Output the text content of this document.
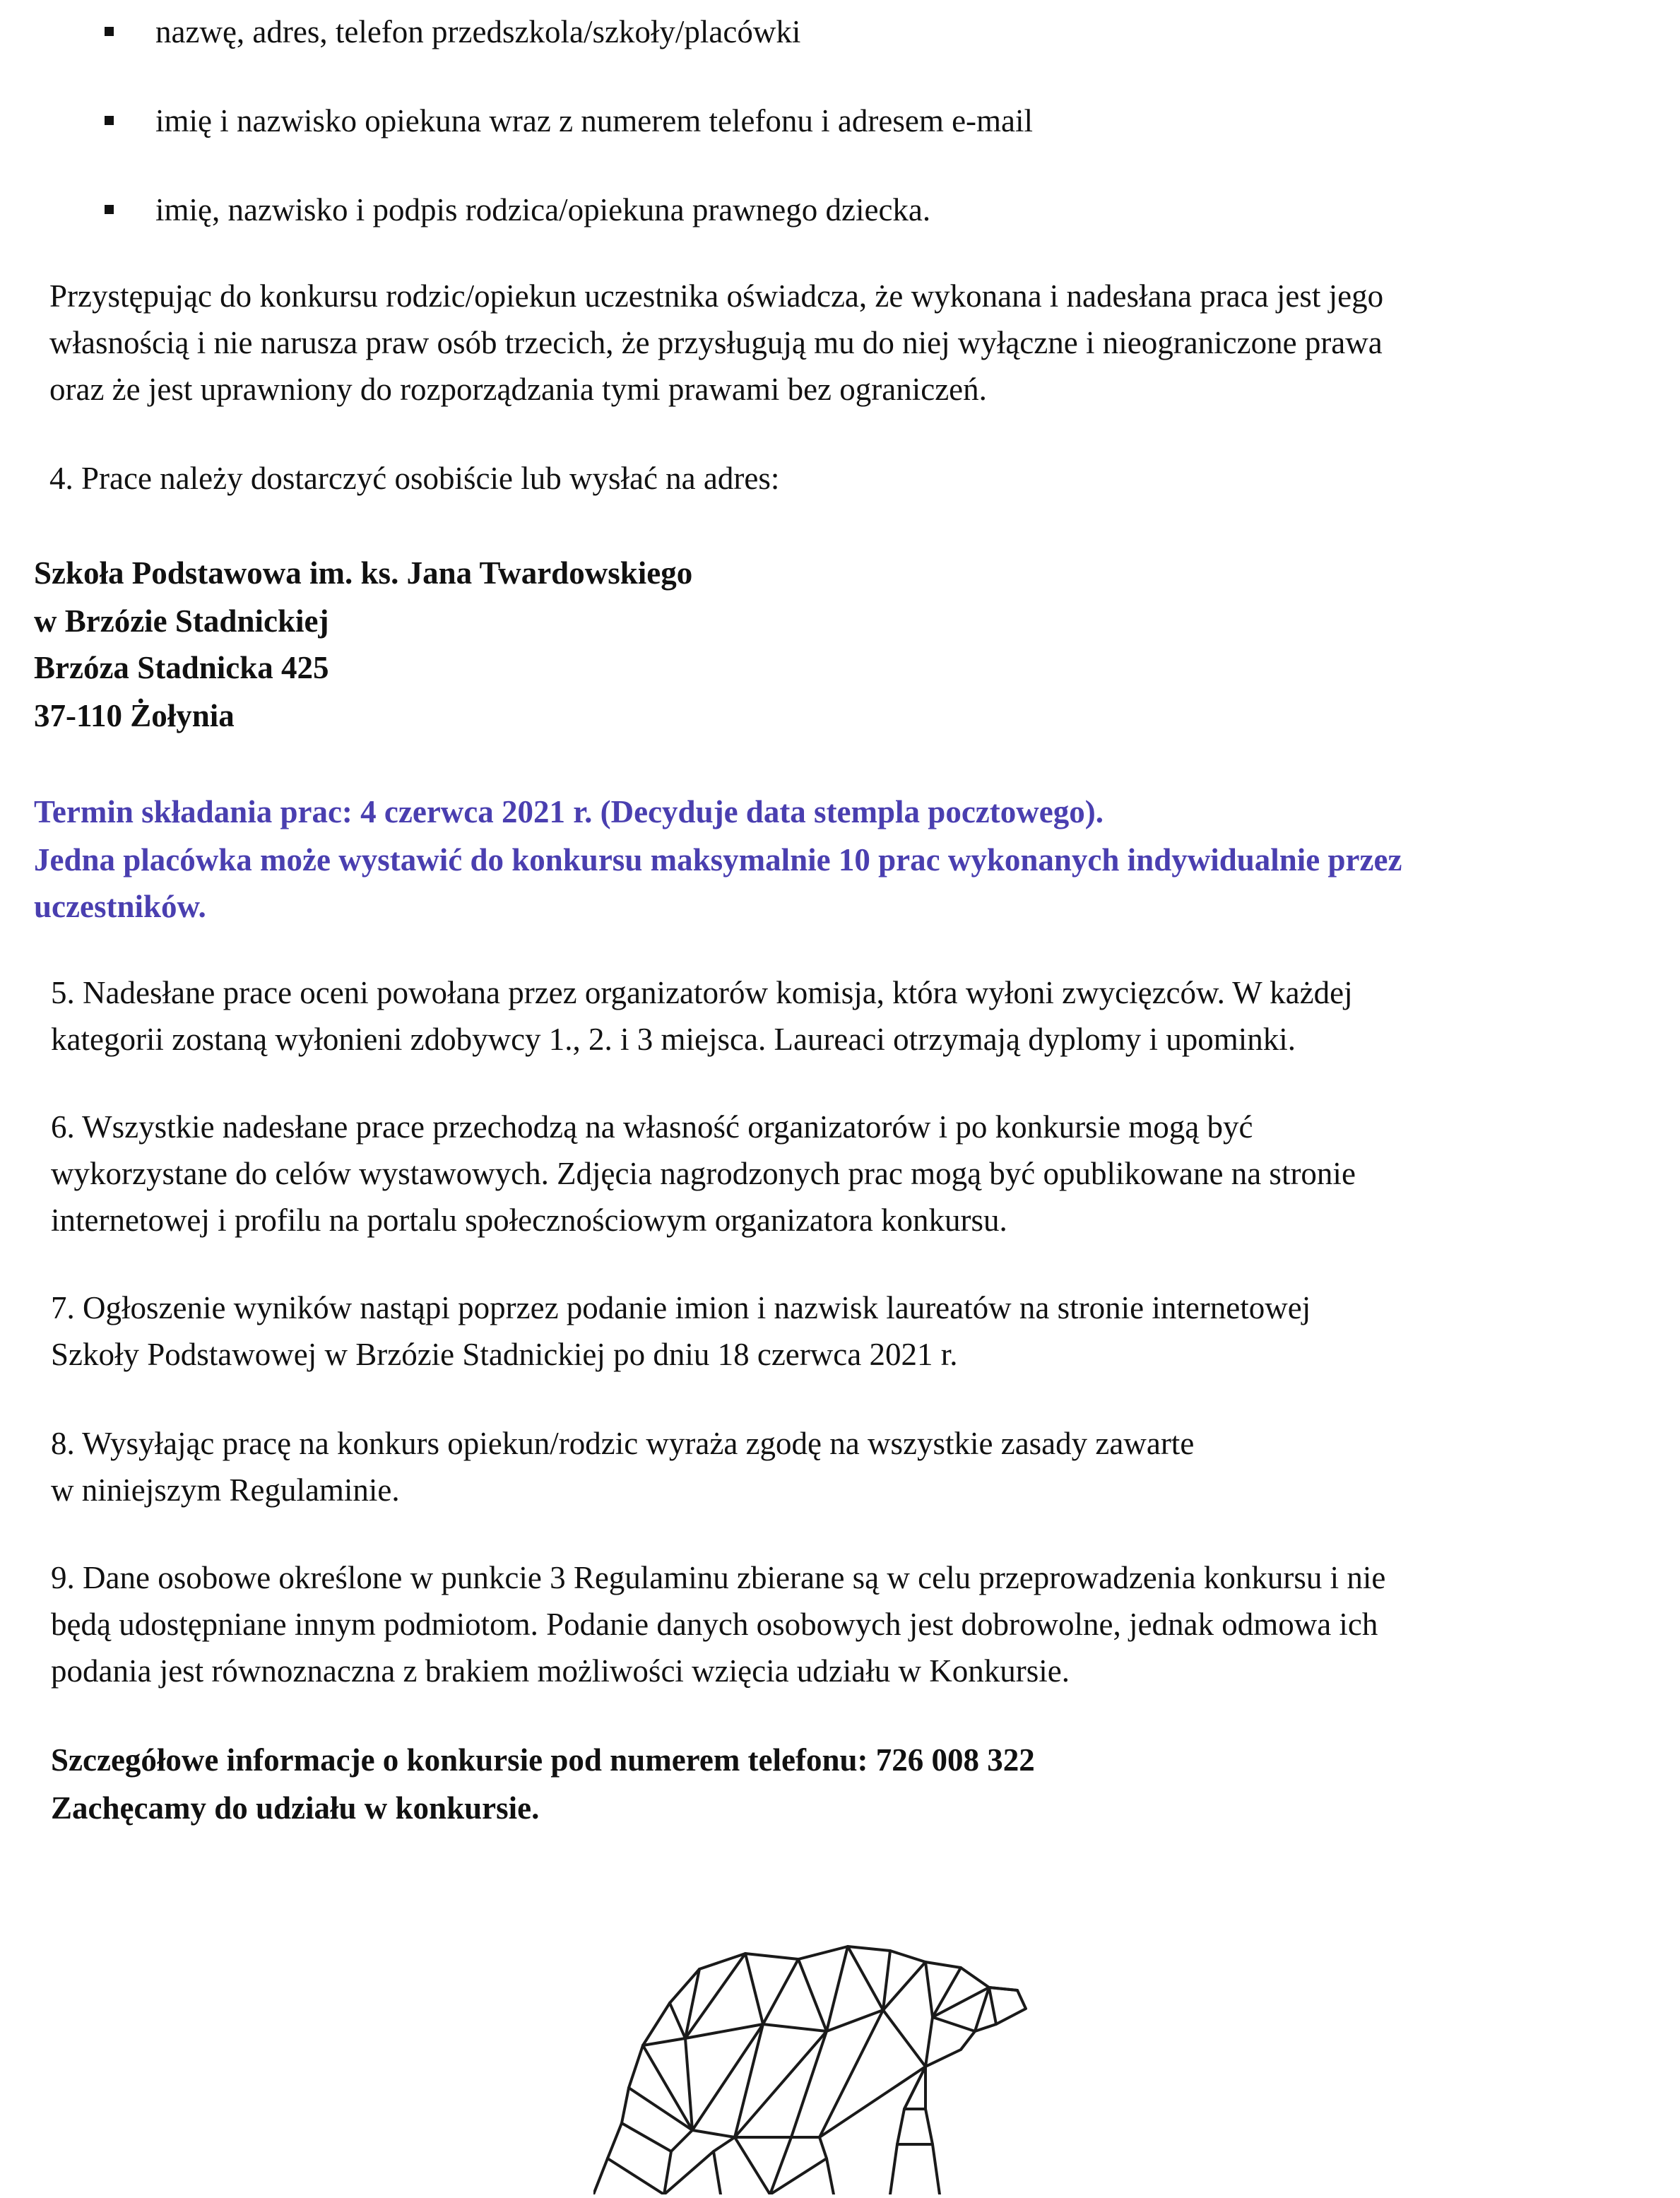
nazwę, adres, telefon przedszkola/szkoły/placówki
imię i nazwisko opiekuna wraz z numerem telefonu i adresem e-mail
imię, nazwisko i podpis rodzica/opiekuna prawnego dziecka.
Przystępując do konkursu rodzic/opiekun uczestnika oświadcza, że wykonana i nadesłana praca jest jego
własnością i nie narusza praw osób trzecich, że przysługują mu do niej wyłączne i nieograniczone prawa
oraz że jest uprawniony do rozporządzania tymi prawami bez ograniczeń.
4. Prace należy dostarczyć osobiście lub wysłać na adres:
Szkoła Podstawowa im. ks. Jana Twardowskiego
w Brzózie Stadnickiej
Brzóza Stadnicka 425
37-110 Żołynia
Termin składania prac: 4 czerwca 2021 r. (Decyduje data stempla pocztowego).
Jedna placówka może wystawić do konkursu maksymalnie 10 prac wykonanych indywidualnie przez
uczestników.
5. Nadesłane prace oceni powołana przez organizatorów komisja, która wyłoni zwycięzców. W każdej
kategorii zostaną wyłonieni zdobywcy 1., 2. i 3 miejsca. Laureaci otrzymają dyplomy i upominki.
6. Wszystkie nadesłane prace przechodzą na własność organizatorów i po konkursie mogą być
wykorzystane do celów wystawowych. Zdjęcia nagrodzonych prac mogą być opublikowane na stronie
internetowej i profilu na portalu społecznościowym organizatora konkursu.
7. Ogłoszenie wyników nastąpi poprzez podanie imion i nazwisk laureatów na stronie internetowej
Szkoły Podstawowej w Brzózie Stadnickiej po dniu 18 czerwca 2021 r.
8. Wysyłając pracę na konkurs opiekun/rodzic wyraża zgodę na wszystkie zasady zawarte
w niniejszym Regulaminie.
9. Dane osobowe określone w punkcie 3 Regulaminu zbierane są w celu przeprowadzenia konkursu i nie
będą udostępniane innym podmiotom. Podanie danych osobowych jest dobrowolne, jednak odmowa ich
podania jest równoznaczna z brakiem możliwości wzięcia udziału w Konkursie.
Szczegółowe informacje o konkursie pod numerem telefonu: 726 008 322
Zachęcamy do udziału w konkursie.
